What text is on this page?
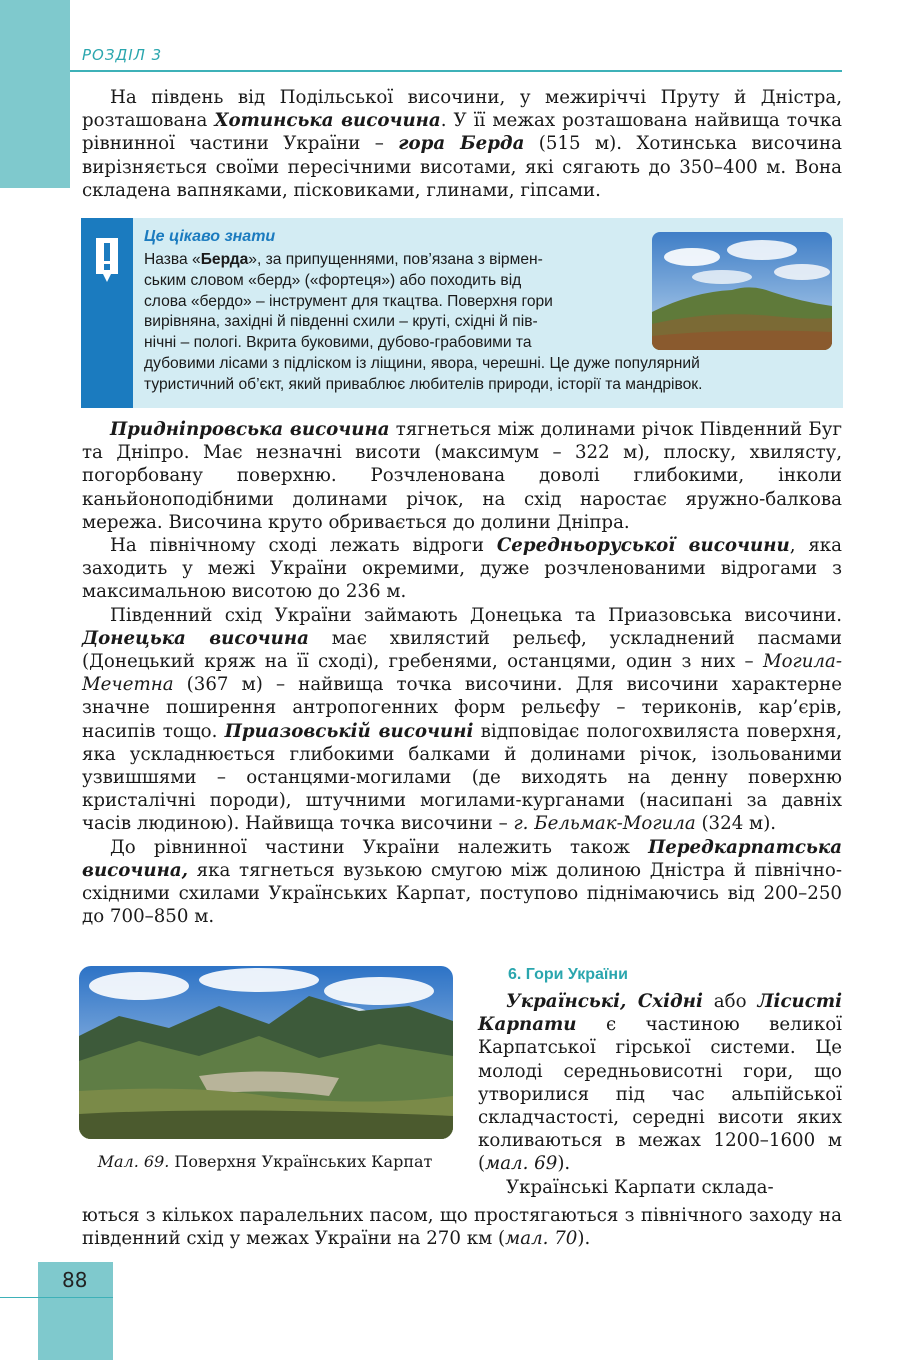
РОЗДІЛ 3

На південь від Подільської височини, у межиріччі Пруту й Дністра, розташована Хотинська височина. У її межах розташована найвища точка рівнинної частини України – гора Берда (515 м). Хотинська височина вирізняється своїми пересічними висотами, які сягають до 350–400 м. Вона складена вапняками, пісковиками, глинами, гіпсами.

Це цікаво знати
Назва «Берда», за припущеннями, пов’язана з вірмен-
ським словом «берд» («фортеця») або походить від
слова «бердо» – інструмент для ткацтва. Поверхня гори
вирівняна, західні й південні схили – круті, східні й пів-
нічні – пологі. Вкрита буковими, дубово-грабовими та
дубовими лісами з підліском із ліщини, явора, черешні. Це дуже популярний
туристичний об’єкт, який приваблює любителів природи, історії та мандрівок.

Придніпровська височина тягнеться між долинами річок Південний Буг та Дніпро. Має незначні висоти (максимум – 322 м), плоску, хвилясту, погорбовану поверхню. Розчленована доволі глибокими, інколи каньйоноподібними долинами річок, на схід наростає яружно-балкова мережа. Височина круто обривається до долини Дніпра.

На північному сході лежать відроги Середньоруської височини, яка заходить у межі України окремими, дуже розчленованими відрогами з максимальною висотою до 236 м.

Південний схід України займають Донецька та Приазовська височини. Донецька височина має хвилястий рельєф, ускладнений пасмами (Донецький кряж на її сході), гребенями, останцями, один з них – Могила-Мечетна (367 м) – найвища точка височини. Для височини характерне значне поширення антропогенних форм рельєфу – териконів, кар’єрів, насипів тощо. Приазовській височині відповідає пологохвиляста поверхня, яка ускладнюється глибокими балками й долинами річок, ізольованими узвишшями – останцями-могилами (де виходять на денну поверхню кристалічні породи), штучними могилами-курганами (насипані за давніх часів людиною). Найвища точка височини – г. Бельмак-Могила (324 м).

До рівнинної частини України належить також Передкарпатська височина, яка тягнеться вузькою смугою між долиною Дністра й північно-східними схилами Українських Карпат, поступово піднімаючись від 200–250 до 700–850 м.

Мал. 69. Поверхня Українських Карпат
6. Гори України

Українські, Східні або Лісисті Карпати є частиною великої Карпатської гірської системи. Це молоді середньовисотні гори, що утворилися під час альпійської складчастості, середні висоти яких коливаються в межах 1200–1600 м (мал. 69).

Українські Карпати склада-

ються з кількох паралельних пасом, що простягаються з північного заходу на південний схід у межах України на 270 км (мал. 70).

88
